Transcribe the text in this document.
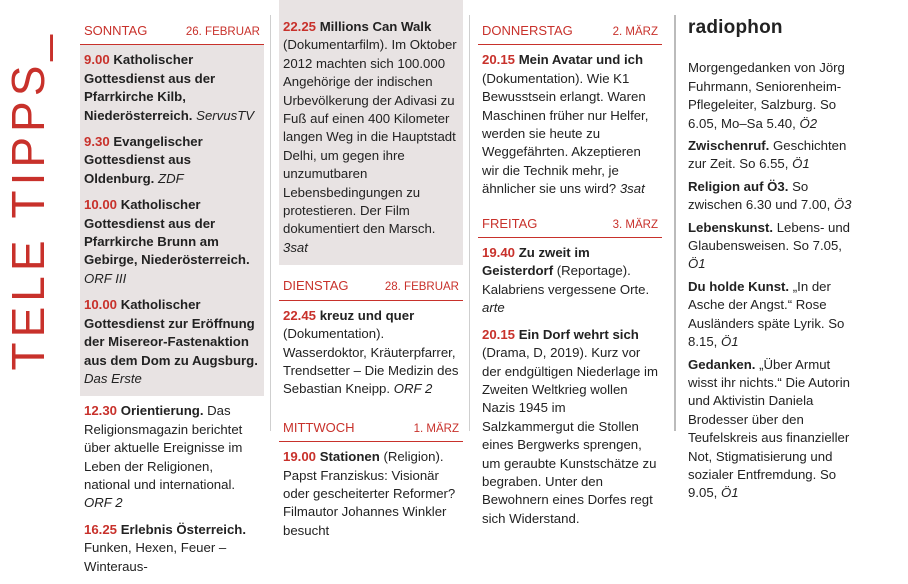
TELE TIPPS_ SONNTAG	26. FEBRUAR
9.00 Katholischer Gottesdienst aus der Pfarrkirche Kilb, Niederösterreich. ServusTV
9.30 Evangelischer Gottesdienst aus Oldenburg. ZDF
10.00 Katholischer Gottesdienst aus der Pfarrkirche Brunn am Gebirge, Niederösterreich. ORF III
10.00 Katholischer Gottesdienst zur Eröffnung der Misereor-Fastenaktion aus dem Dom zu Augsburg. Das Erste
12.30 Orientierung. Das Religionsmagazin berichtet über aktuelle Ereignisse im Leben der Religionen, national und international. ORF 2
16.25 Erlebnis Österreich. Funken, Hexen, Feuer – Winteraus-
22.25 Millions Can Walk (Dokumentarfilm). Im Oktober 2012 machten sich 100.000 Angehörige der indischen Urbevölkerung der Adivasi zu Fuß auf einen 400 Kilometer langen Weg in die Hauptstadt Delhi, um gegen ihre unzumutbaren Lebensbedingungen zu protestieren. Der Film dokumentiert den Marsch. 3sat
DIENSTAG	28. FEBRUAR
22.45 kreuz und quer (Dokumentation). Wasserdoktor, Kräuterpfarrer, Trendsetter – Die Medizin des Sebastian Kneipp. ORF 2
MITTWOCH	1. MÄRZ
19.00 Stationen (Religion). Papst Franziskus: Visionär oder gescheiterter Reformer? Filmautor Johannes Winkler besucht
DONNERSTAG	2. MÄRZ
20.15 Mein Avatar und ich (Dokumentation). Wie K1 Bewusstsein erlangt. Waren Maschinen früher nur Helfer, werden sie heute zu Weggefährten. Akzeptieren wir die Technik mehr, je ähnlicher sie uns wird? 3sat
FREITAG	3. MÄRZ
19.40 Zu zweit im Geisterdorf (Reportage). Kalabriens vergessene Orte. arte
20.15 Ein Dorf wehrt sich (Drama, D, 2019). Kurz vor der endgültigen Niederlage im Zweiten Weltkrieg wollen Nazis 1945 im Salzkammergut die Stollen eines Bergwerks sprengen, um geraubte Kunstschätze zu begraben. Unter den Bewohnern eines Dorfes regt sich Widerstand.
radiophon
Morgengedanken von Jörg Fuhrmann, Seniorenheim-Pflegeleiter, Salzburg. So 6.05, Mo–Sa 5.40, Ö2
Zwischenruf. Geschichten zur Zeit. So 6.55, Ö1
Religion auf Ö3. So zwischen 6.30 und 7.00, Ö3
Lebenskunst. Lebens- und Glaubensweisen. So 7.05, Ö1
Du holde Kunst. „In der Asche der Angst.“ Rose Ausländers späte Lyrik. So 8.15, Ö1
Gedanken. „Über Armut wisst ihr nichts.“ Die Autorin und Aktivistin Daniela Brodesser über den Teufelskreis aus finanzieller Not, Stigmatisierung und sozialer Entfremdung. So 9.05, Ö1
